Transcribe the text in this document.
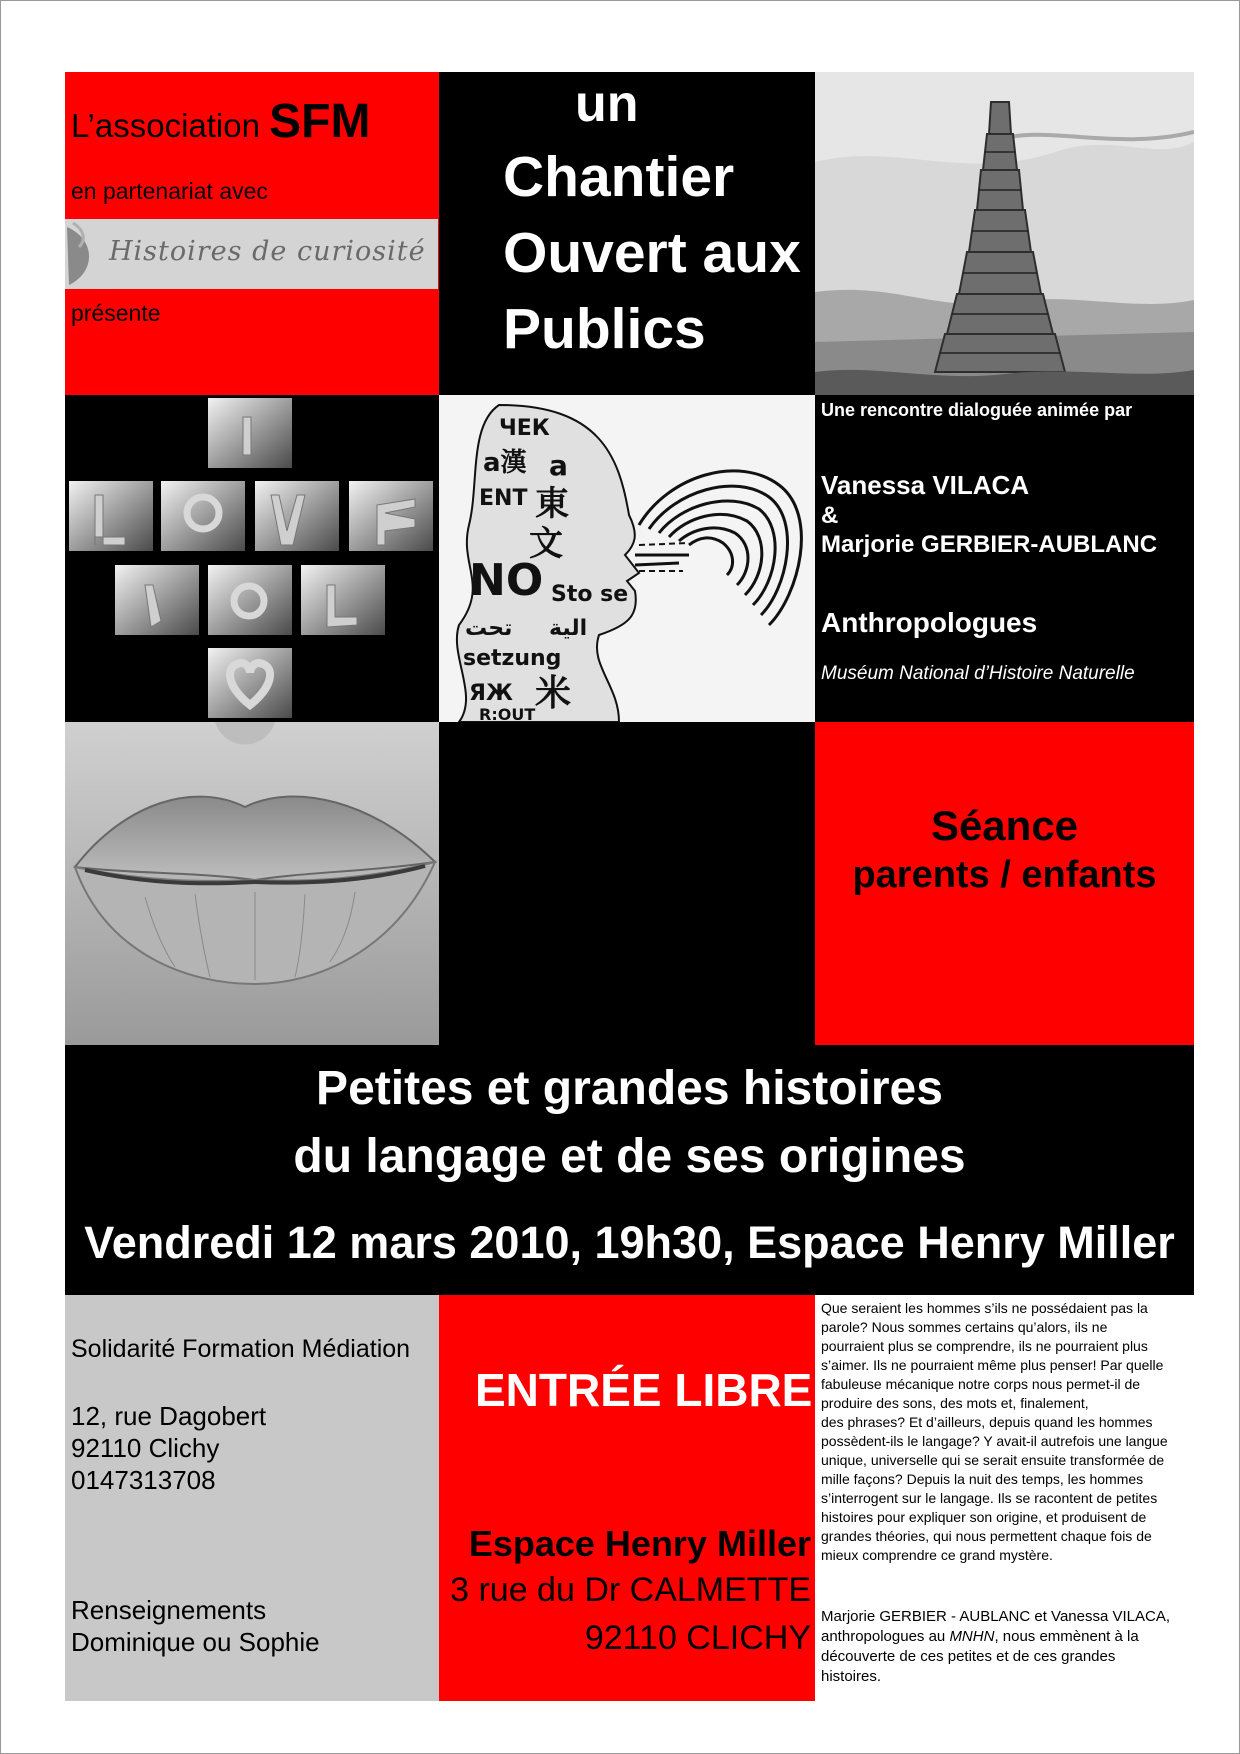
L’association SFM
en partenariat avec
Histoires de curiosité
présente
un
Chantier
Ouvert aux
Publics
ЧЕК
a漢 a
ENT 東
文
NO Sto se
تحت الية
setzung
ЯЖ 米
R:OUT
Une rencontre dialoguée animée par
Vanessa VILACA
&
Marjorie GERBIER-AUBLANC
Anthropologues
Muséum National d’Histoire Naturelle
Séance
parents / enfants
Petites et grandes histoires
du langage et de ses origines
Vendredi 12 mars 2010, 19h30, Espace Henry Miller
Solidarité Formation Médiation
12, rue Dagobert
92110 Clichy
0147313708
Renseignements
Dominique ou Sophie
ENTRÉE LIBRE
Espace Henry Miller
3 rue du Dr CALMETTE
92110 CLICHY
Que seraient les hommes s’ils ne possédaient pas la
parole? Nous sommes certains qu’alors, ils ne
pourraient plus se comprendre, ils ne pourraient plus
s’aimer. Ils ne pourraient même plus penser! Par quelle
fabuleuse mécanique notre corps nous permet-il de
produire des sons, des mots et, finalement,
des phrases? Et d’ailleurs, depuis quand les hommes
possèdent-ils le langage? Y avait-il autrefois une langue
unique, universelle qui se serait ensuite transformée de
mille façons? Depuis la nuit des temps, les hommes
s’interrogent sur le langage. Ils se racontent de petites
histoires pour expliquer son origine, et produisent de
grandes théories, qui nous permettent chaque fois de
mieux comprendre ce grand mystère.
Marjorie GERBIER - AUBLANC et Vanessa VILACA,
anthropologues au MNHN, nous emmènent à la
découverte de ces petites et de ces grandes
histoires.
